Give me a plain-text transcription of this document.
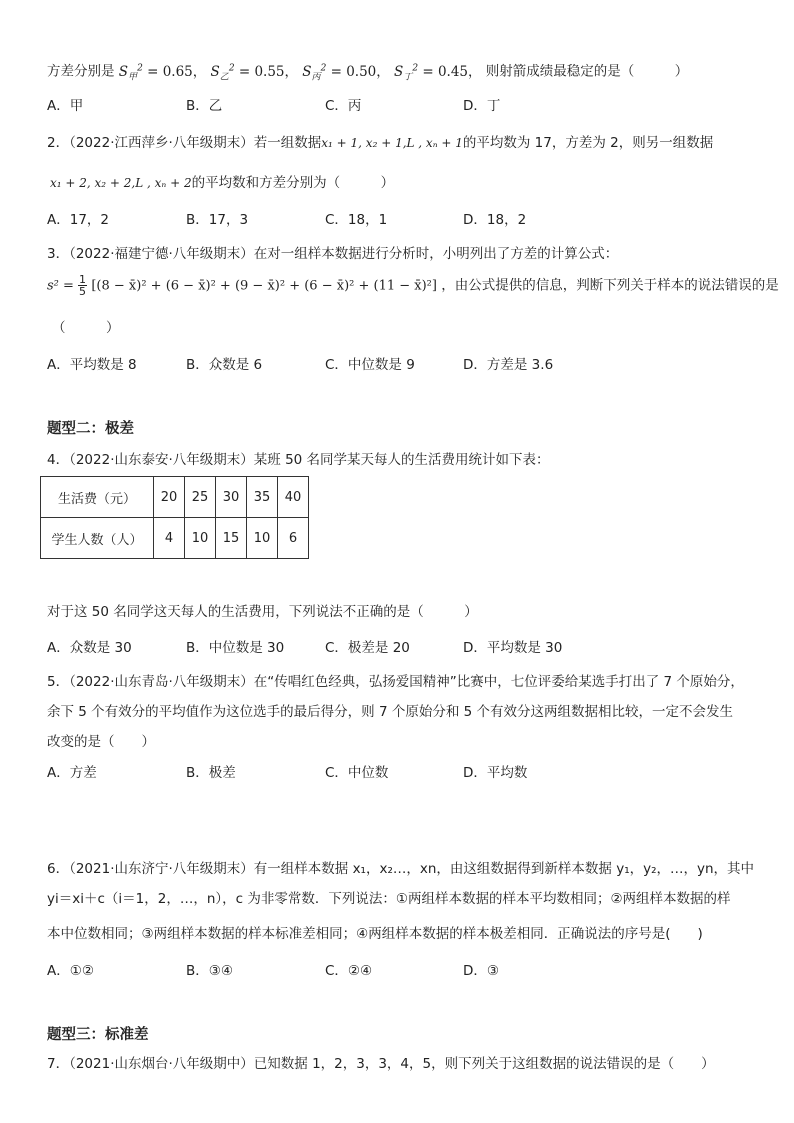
方差分别是 $S_甲^2 = 0.65$， $S_乙^2 = 0.55$， $S_丙^2 = 0.50$， $S_丁^2 = 0.45$， 则射箭成绩最稳定的是（　　　）
A．甲	B．乙	C．丙	D．丁
2．（2022·江西萍乡·八年级期末）若一组数据x₁ + 1, x₂ + 1,L , xₙ + 1的平均数为 17，方差为 2，则另一组数据
x₁ + 2, x₂ + 2,L , xₙ + 2的平均数和方差分别为（　　　）
A．17，2	B．17，3	C．18，1	D．18，2
3．（2022·福建宁德·八年级期末）在对一组样本数据进行分析时，小明列出了方差的计算公式：
$s^2 = \frac{1}{5} [(8$ − x̄)² + (6 − x̄)² + (9 − x̄)² + (6 − x̄)² + (11 − x̄)²] ，由公式提供的信息，判断下列关于样本的说法错误的是
（　　　）
A．平均数是 8	B．众数是 6	C．中位数是 9	D．方差是 3.6
题型二：极差
4．（2022·山东泰安·八年级期末）某班 50 名同学某天每人的生活费用统计如下表：
生活费（元）	20	25	30	35	40
学生人数（人）	4	10	15	10	6
对于这 50 名同学这天每人的生活费用，下列说法不正确的是（　　　）
A．众数是 30	B．中位数是 30	C．极差是 20	D．平均数是 30
5．（2022·山东青岛·八年级期末）在“传唱红色经典，弘扬爱国精神”比赛中，七位评委给某选手打出了 7 个原始分，
余下 5 个有效分的平均值作为这位选手的最后得分，则 7 个原始分和 5 个有效分这两组数据相比较，一定不会发生
改变的是（　　）
A．方差	B．极差	C．中位数	D．平均数
6．（2021·山东济宁·八年级期末）有一组样本数据 x₁，x₂…，xn，由这组数据得到新样本数据 y₁，y₂，…，yn，其中
yi＝xi＋c（i＝1，2，…，n），c 为非零常数．下列说法：①两组样本数据的样本平均数相同；②两组样本数据的样
本中位数相同；③两组样本数据的样本标准差相同；④两组样本数据的样本极差相同．正确说法的序号是(　　)
A．①②	B．③④	C．②④	D．③
题型三：标准差
7．（2021·山东烟台·八年级期中）已知数据 1，2，3，3，4，5，则下列关于这组数据的说法错误的是（　　）
